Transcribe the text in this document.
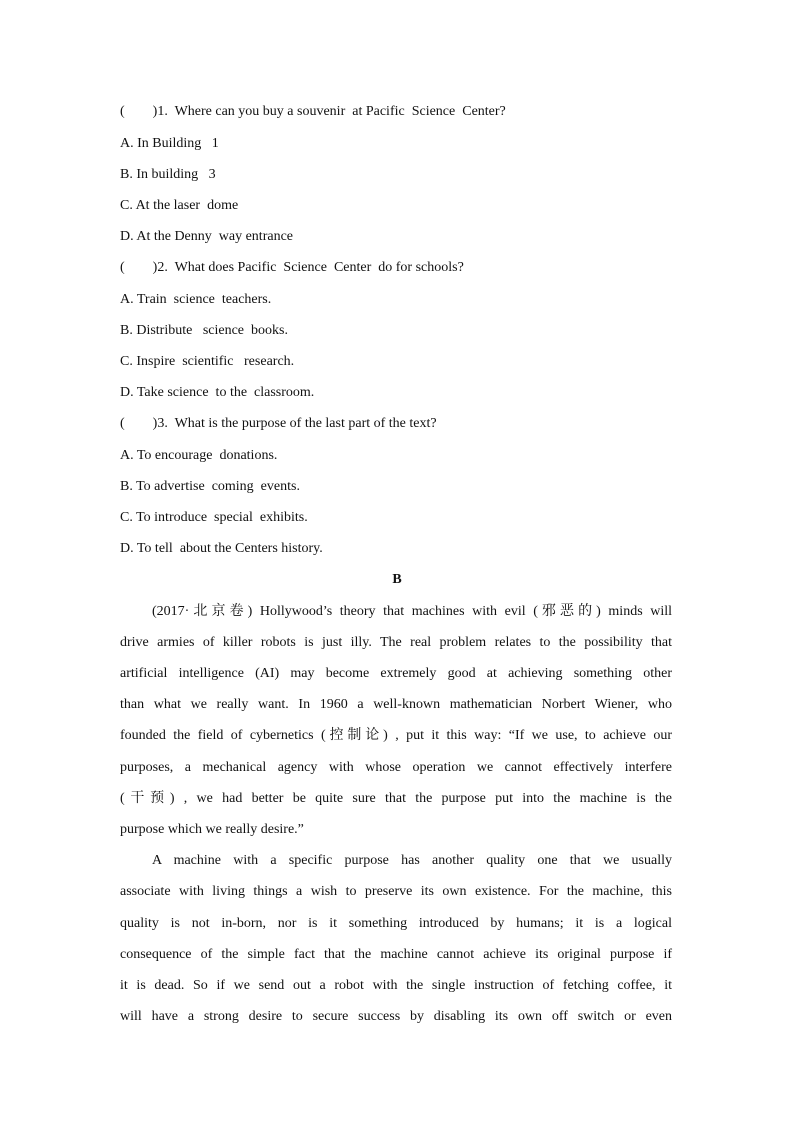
(        )1.  Where can you buy a souvenir  at Pacific  Science  Center?
A. In Building   1
B. In building   3
C. At the laser  dome
D. At the Denny  way entrance
(        )2.  What does Pacific  Science  Center  do for schools?
A. Train  science  teachers.
B. Distribute   science  books.
C. Inspire  scientific   research.
D. Take science  to the  classroom.
(        )3.  What is the purpose of the last part of the text?
A. To encourage  donations.
B. To advertise  coming  events.
C. To introduce  special  exhibits.
D. To tell  about the Centers history.
B
(2017·北京卷) Hollywood’s theory that machines with evil (邪恶的) minds will
drive armies of killer robots is just illy. The real problem relates to the possibility that
artificial intelligence (AI) may become extremely good at achieving something other
than what we really want. In 1960 a well-known mathematician Norbert Wiener, who
founded the field of cybernetics (控制论) , put it this way: “If we use, to achieve our
purposes, a mechanical agency with whose operation we cannot effectively interfere
(干预) , we had better be quite sure that the purpose put into the machine is the
purpose which we really desire.”
A machine with a specific purpose has another quality one that we usually
associate with living things a wish to preserve its own existence. For the machine, this
quality is not in-born, nor is it something introduced by humans; it is a logical
consequence of the simple fact that the machine cannot achieve its original purpose if
it is dead. So if we send out a robot with the single instruction of fetching coffee, it
will have a strong desire to secure success by disabling its own off switch or even
